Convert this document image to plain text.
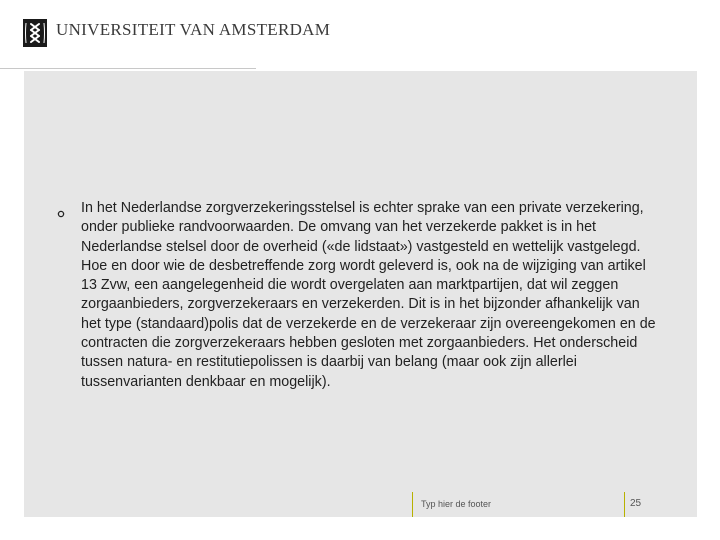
UNIVERSITEIT VAN AMSTERDAM
In het Nederlandse zorgverzekeringsstelsel is echter sprake van een private verzekering, onder publieke randvoorwaarden. De omvang van het verzekerde pakket is in het Nederlandse stelsel door de overheid («de lidstaat») vastgesteld en wettelijk vastgelegd. Hoe en door wie de desbetreffende zorg wordt geleverd is, ook na de wijziging van artikel 13 Zvw, een aangelegenheid die wordt overgelaten aan marktpartijen, dat wil zeggen zorgaanbieders, zorgverzekeraars en verzekerden. Dit is in het bijzonder afhankelijk van het type (standaard)polis dat de verzekerde en de verzekeraar zijn overeengekomen en de contracten die zorgverzekeraars hebben gesloten met zorgaanbieders. Het onderscheid tussen natura- en restitutiepolissen is daarbij van belang (maar ook zijn allerlei tussenvarianten denkbaar en mogelijk).
Typ hier de footer	25
